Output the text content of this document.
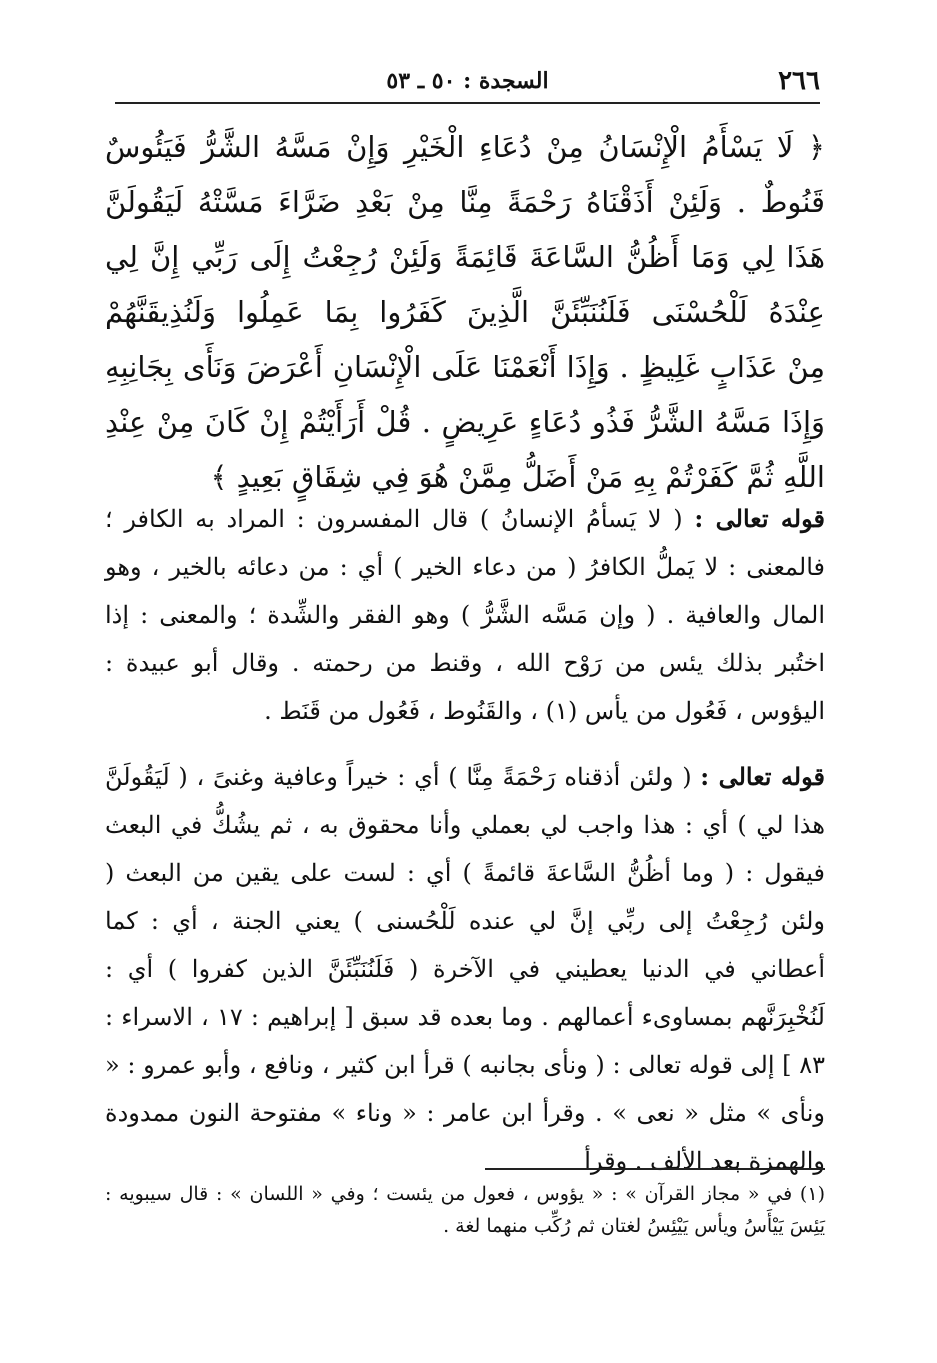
٢٦٦
السجدة : ٥٠ ـ ٥٣
﴿ لَا يَسْأَمُ الْإِنْسَانُ مِنْ دُعَاءِ الْخَيْرِ وَإِنْ مَسَّهُ الشَّرُّ فَيَئُوسٌ
قَنُوطٌ . وَلَئِنْ أَذَقْنَاهُ رَحْمَةً مِنَّا مِنْ بَعْدِ ضَرَّاءَ مَسَّتْهُ لَيَقُولَنَّ
هَذَا لِي وَمَا أَظُنُّ السَّاعَةَ قَائِمَةً وَلَئِنْ رُجِعْتُ إِلَى رَبِّي إِنَّ لِي
عِنْدَهُ لَلْحُسْنَى فَلَنُنَبِّئَنَّ الَّذِينَ كَفَرُوا بِمَا عَمِلُوا وَلَنُذِيقَنَّهُمْ
مِنْ عَذَابٍ غَلِيظٍ . وَإِذَا أَنْعَمْنَا عَلَى الْإِنْسَانِ أَعْرَضَ وَنَأَى بِجَانِبِهِ
وَإِذَا مَسَّهُ الشَّرُّ فَذُو دُعَاءٍ عَرِيضٍ . قُلْ أَرَأَيْتُمْ إِنْ كَانَ مِنْ عِنْدِ
اللَّهِ ثُمَّ كَفَرْتُمْ بِهِ مَنْ أَضَلُّ مِمَّنْ هُوَ فِي شِقَاقٍ بَعِيدٍ ﴾

قوله تعالى : ( لا يَسأمُ الإنسانُ ) قال المفسرون : المراد به الكافر ؛ فالمعنى : لا يَملُّ الكافرُ ( من دعاء الخير ) أي : من دعائه بالخير ، وهو المال والعافية . ( وإن مَسَّه الشَّرُّ ) وهو الفقر والشِّدة ؛ والمعنى : إذا اختُبر بذلك يئس من رَوْح الله ، وقنط من رحمته . وقال أبو عبيدة : اليؤوس ، فَعُول من يأس (١) ، والقَنُوط ، فَعُول من قَنَط .

قوله تعالى : ( ولئن أذقناه رَحْمَةً مِنَّا ) أي : خيراً وعافية وغنىً ، ( لَيَقُولَنَّ هذا لي ) أي : هذا واجب لي بعملي وأنا محقوق به ، ثم يشُكُّ في البعث فيقول : ( وما أظُنُّ السَّاعةَ قائمةً ) أي : لست على يقين من البعث ( ولئن رُجِعْتُ إلى ربِّي إنَّ لي عنده لَلْحُسنى ) يعني الجنة ، أي : كما أعطاني في الدنيا يعطيني في الآخرة ( فَلَنُنَبِّئَنَّ الذين كفروا ) أي : لَنُخْبِرَنَّهم بمساوىء أعمالهم . وما بعده قد سبق [ إبراهيم : ١٧ ، الاسراء : ٨٣ ] إلى قوله تعالى : ( ونأى بجانبه ) قرأ ابن كثير ، ونافع ، وأبو عمرو : « ونأى » مثل « نعى » . وقرأ ابن عامر : « وناء » مفتوحة النون ممدودة والهمزة بعد الألف . وقرأ

(١) في « مجاز القرآن » : « يؤوس ، فعول من يئست ؛ وفي « اللسان » : قال سيبويه : يَئِسَ يَيْأَسُ ويأس يَيْئِسُ لغتان ثم رُكِّب منهما لغة .
